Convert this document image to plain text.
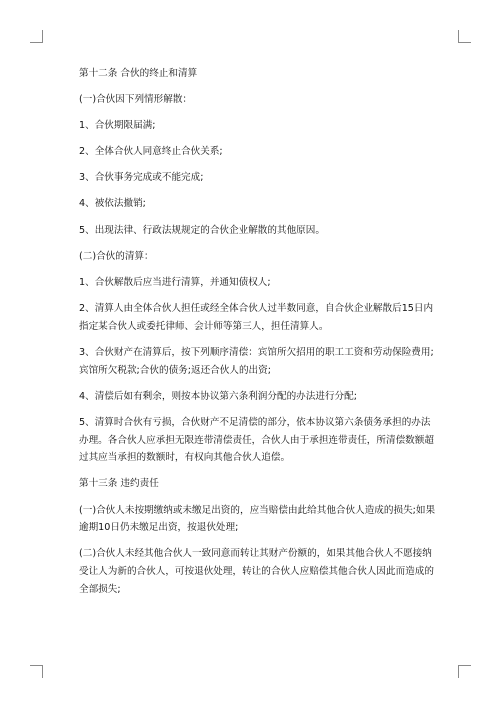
第十二条 合伙的终止和清算

(一)合伙因下列情形解散：

1、合伙期限届满;

2、全体合伙人同意终止合伙关系;

3、合伙事务完成或不能完成;

4、被依法撤销;

5、出现法律、行政法规规定的合伙企业解散的其他原因。

(二)合伙的清算：

1、合伙解散后应当进行清算，并通知债权人;

2、清算人由全体合伙人担任或经全体合伙人过半数同意，自合伙企业解散后15日内指定某合伙人或委托律师、会计师等第三人，担任清算人。

3、合伙财产在清算后，按下列顺序清偿：宾馆所欠招用的职工工资和劳动保险费用;宾馆所欠税款;合伙的债务;返还合伙人的出资;

4、清偿后如有剩余，则按本协议第六条利润分配的办法进行分配;

5、清算时合伙有亏损，合伙财产不足清偿的部分，依本协议第六条债务承担的办法办理。各合伙人应承担无限连带清偿责任，合伙人由于承担连带责任，所清偿数额超过其应当承担的数额时，有权向其他合伙人追偿。

第十三条 违约责任

(一)合伙人未按期缴纳或未缴足出资的，应当赔偿由此给其他合伙人造成的损失;如果逾期10日仍未缴足出资，按退伙处理;

(二)合伙人未经其他合伙人一致同意而转让其财产份额的，如果其他合伙人不愿接纳受让人为新的合伙人，可按退伙处理，转让的合伙人应赔偿其他合伙人因此而造成的全部损失;
